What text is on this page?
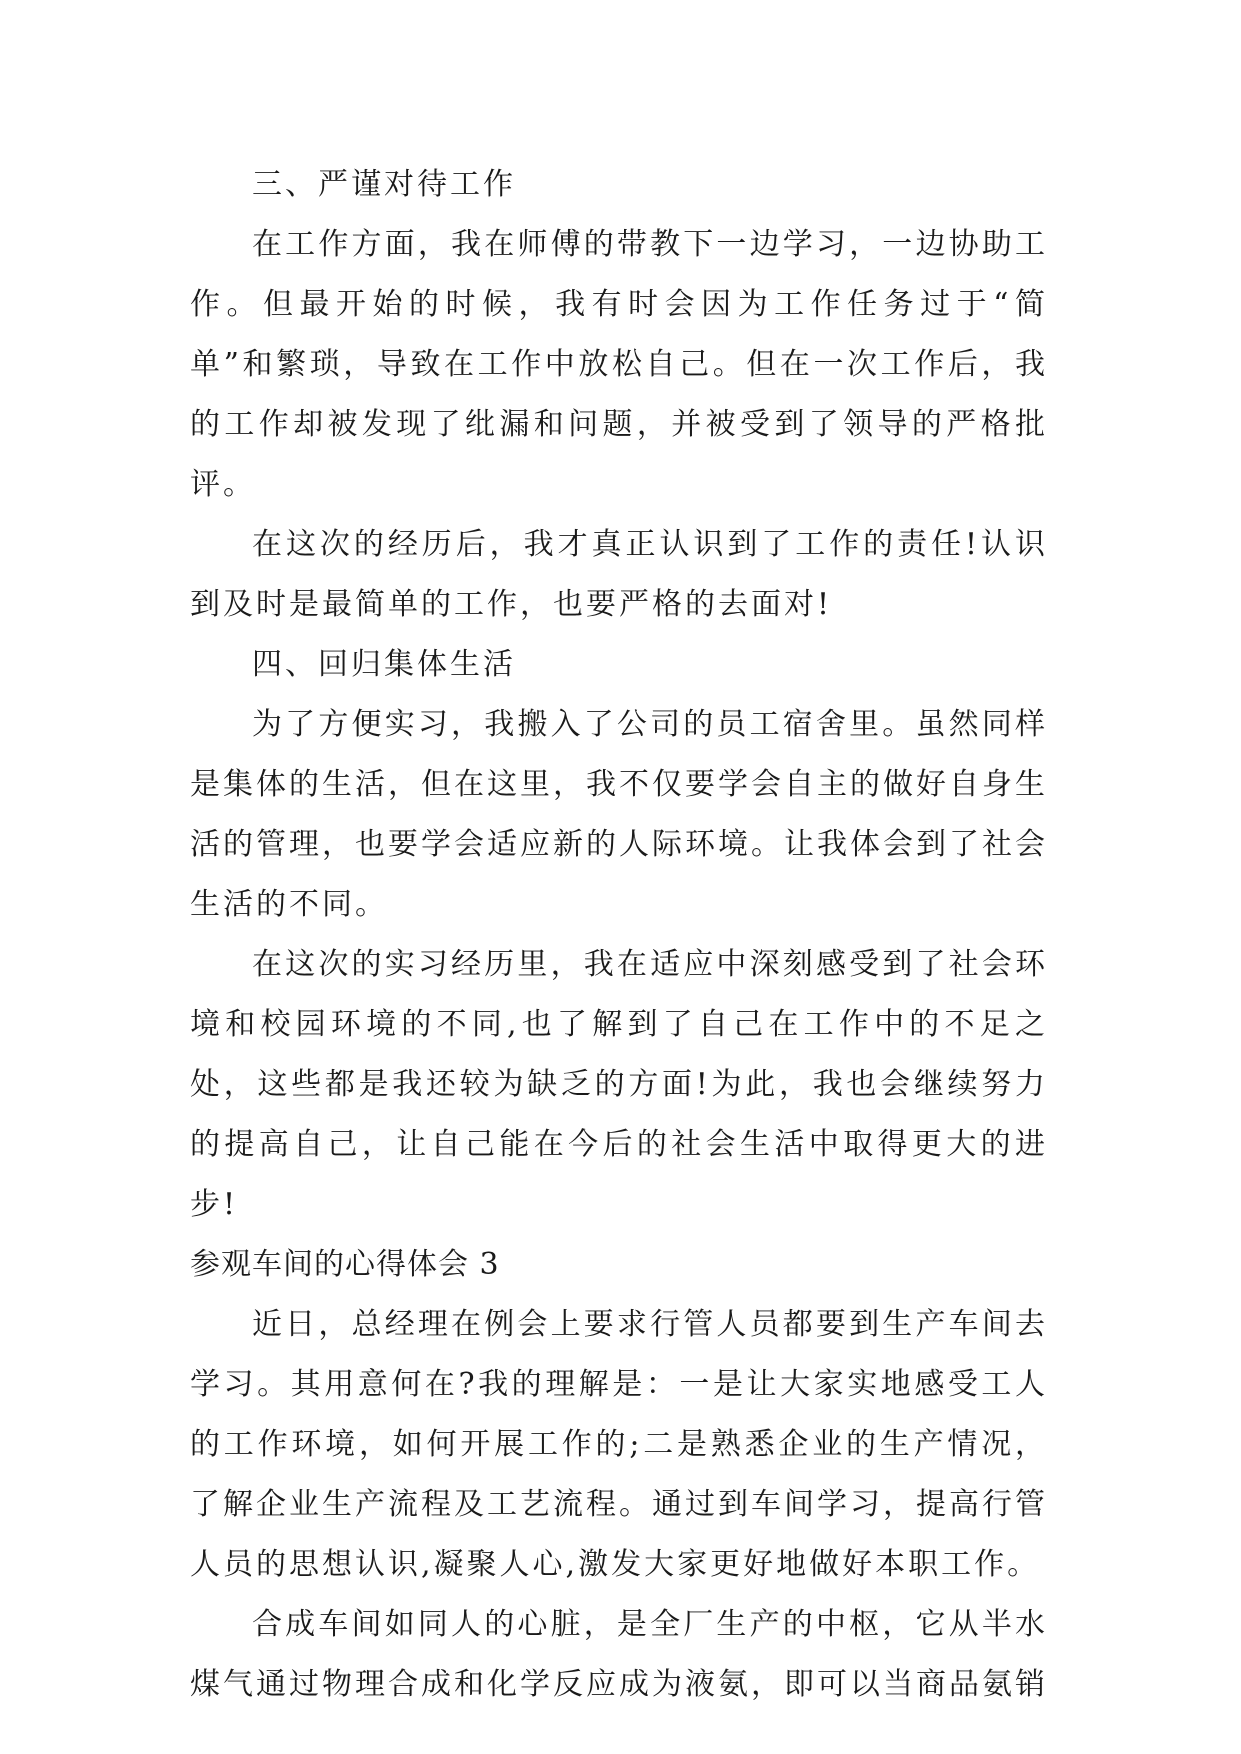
三、严谨对待工作

在工作方面，我在师傅的带教下一边学习，一边协助工作。但最开始的时候，我有时会因为工作任务过于“简单”和繁琐，导致在工作中放松自己。但在一次工作后，我的工作却被发现了纰漏和问题，并被受到了领导的严格批评。

在这次的经历后，我才真正认识到了工作的责任!认识到及时是最简单的工作，也要严格的去面对!

四、回归集体生活

为了方便实习，我搬入了公司的员工宿舍里。虽然同样是集体的生活，但在这里，我不仅要学会自主的做好自身生活的管理，也要学会适应新的人际环境。让我体会到了社会生活的不同。

在这次的实习经历里，我在适应中深刻感受到了社会环境和校园环境的不同,也了解到了自己在工作中的不足之处，这些都是我还较为缺乏的方面!为此，我也会继续努力的提高自己，让自己能在今后的社会生活中取得更大的进步!

参观车间的心得体会 3

近日，总经理在例会上要求行管人员都要到生产车间去学习。其用意何在?我的理解是：一是让大家实地感受工人的工作环境，如何开展工作的;二是熟悉企业的生产情况，了解企业生产流程及工艺流程。通过到车间学习，提高行管人员的思想认识,凝聚人心,激发大家更好地做好本职工作。

合成车间如同人的心脏，是全厂生产的中枢，它从半水煤气通过物理合成和化学反应成为液氨，即可以当商品氨销
